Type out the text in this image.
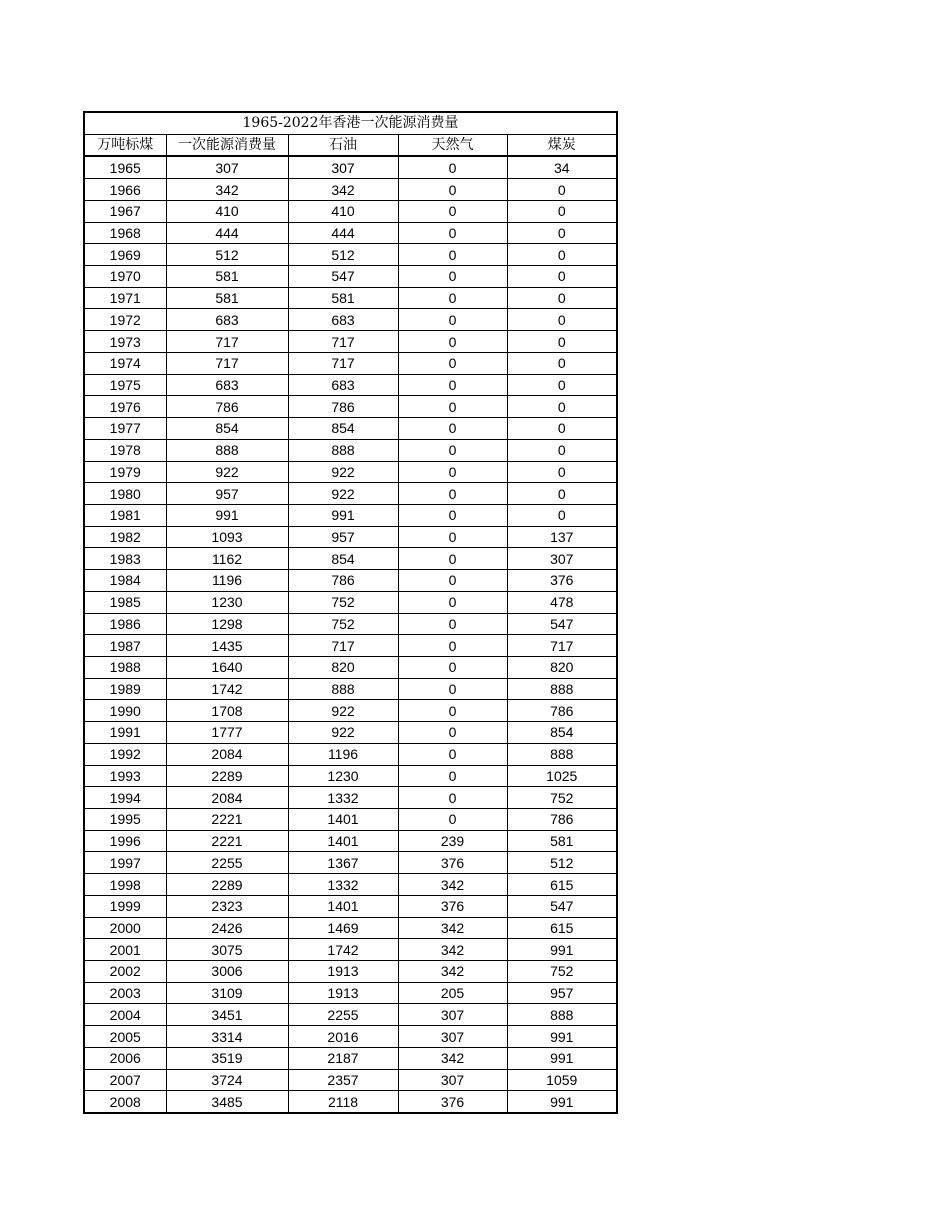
1965-2022年香港一次能源消费量				
万吨标煤	一次能源消费量	石油	天然气	煤炭
1965	307	307	0	34
1966	342	342	0	0
1967	410	410	0	0
1968	444	444	0	0
1969	512	512	0	0
1970	581	547	0	0
1971	581	581	0	0
1972	683	683	0	0
1973	717	717	0	0
1974	717	717	0	0
1975	683	683	0	0
1976	786	786	0	0
1977	854	854	0	0
1978	888	888	0	0
1979	922	922	0	0
1980	957	922	0	0
1981	991	991	0	0
1982	1093	957	0	137
1983	1162	854	0	307
1984	1196	786	0	376
1985	1230	752	0	478
1986	1298	752	0	547
1987	1435	717	0	717
1988	1640	820	0	820
1989	1742	888	0	888
1990	1708	922	0	786
1991	1777	922	0	854
1992	2084	1196	0	888
1993	2289	1230	0	1025
1994	2084	1332	0	752
1995	2221	1401	0	786
1996	2221	1401	239	581
1997	2255	1367	376	512
1998	2289	1332	342	615
1999	2323	1401	376	547
2000	2426	1469	342	615
2001	3075	1742	342	991
2002	3006	1913	342	752
2003	3109	1913	205	957
2004	3451	2255	307	888
2005	3314	2016	307	991
2006	3519	2187	342	991
2007	3724	2357	307	1059
2008	3485	2118	376	991
